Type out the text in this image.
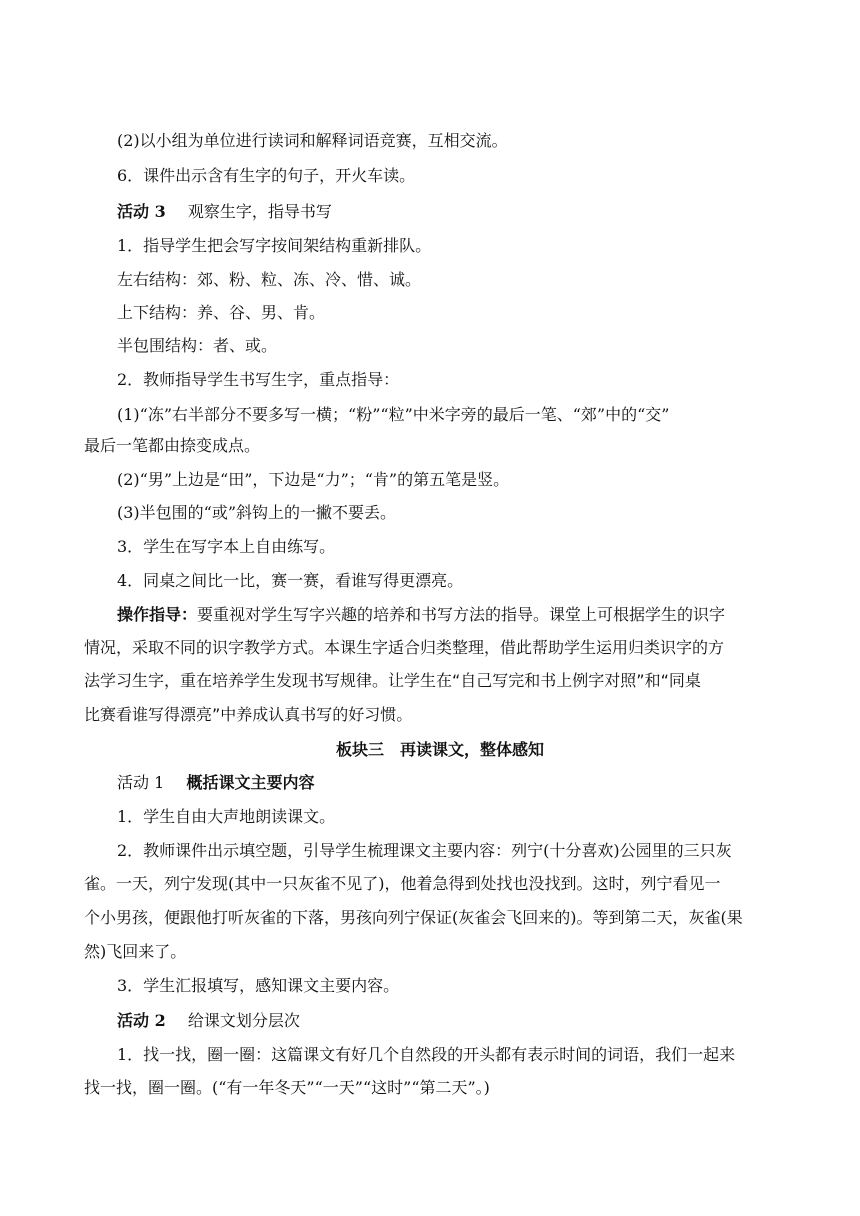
(2)以小组为单位进行读词和解释词语竞赛，互相交流。
6．课件出示含有生字的句子，开火车读。
活动 3 观察生字，指导书写
1．指导学生把会写字按间架结构重新排队。
左右结构：郊、粉、粒、冻、冷、惜、诚。
上下结构：养、谷、男、肯。
半包围结构：者、或。
2．教师指导学生书写生字，重点指导：
(1)“冻”右半部分不要多写一横；“粉”“粒”中米字旁的最后一笔、“郊”中的“交”
最后一笔都由捺变成点。
(2)“男”上边是“田”，下边是“力”；“肯”的第五笔是竖。
(3)半包围的“或”斜钩上的一撇不要丢。
3．学生在写字本上自由练写。
4．同桌之间比一比，赛一赛，看谁写得更漂亮。
操作指导：要重视对学生写字兴趣的培养和书写方法的指导。课堂上可根据学生的识字
情况，采取不同的识字教学方式。本课生字适合归类整理，借此帮助学生运用归类识字的方
法学习生字，重在培养学生发现书写规律。让学生在“自己写完和书上例字对照”和“同桌
比赛看谁写得漂亮”中养成认真书写的好习惯。
板块三　再读课文，整体感知
活动 1 概括课文主要内容
1．学生自由大声地朗读课文。
2．教师课件出示填空题，引导学生梳理课文主要内容：列宁(十分喜欢)公园里的三只灰
雀。一天，列宁发现(其中一只灰雀不见了)，他着急得到处找也没找到。这时，列宁看见一
个小男孩，便跟他打听灰雀的下落，男孩向列宁保证(灰雀会飞回来的)。等到第二天，灰雀(果
然)飞回来了。
3．学生汇报填写，感知课文主要内容。
活动 2 给课文划分层次
1．找一找，圈一圈：这篇课文有好几个自然段的开头都有表示时间的词语，我们一起来
找一找，圈一圈。(“有一年冬天”“一天”“这时”“第二天”。)
